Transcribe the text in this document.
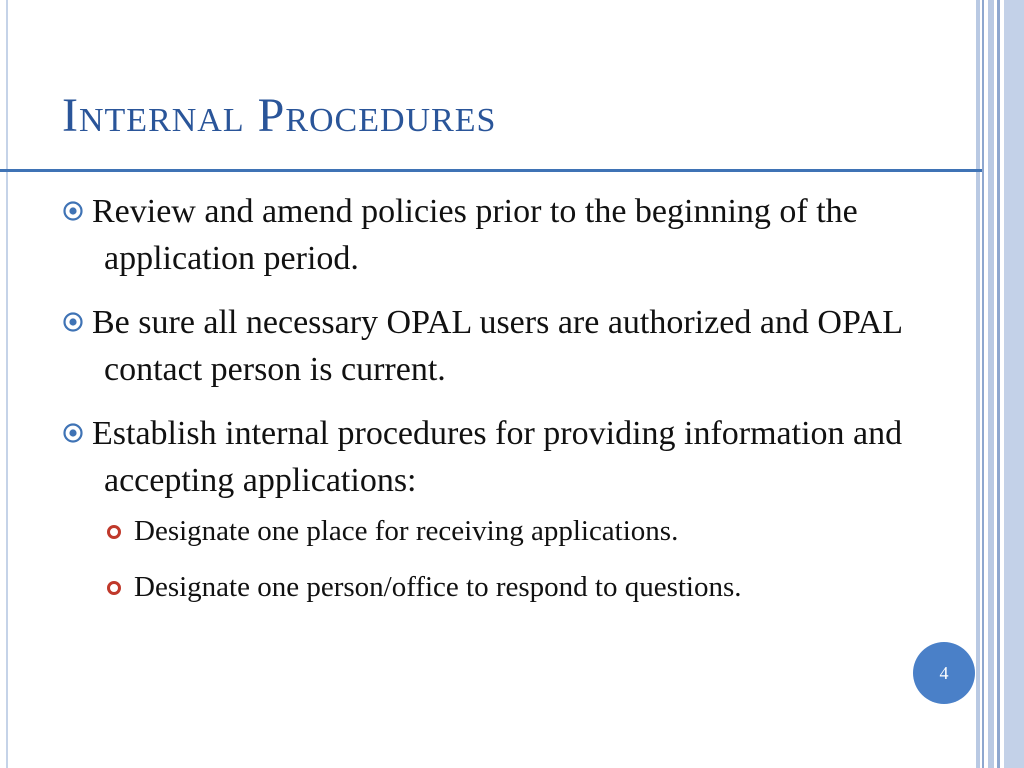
Internal Procedures
Review and amend policies prior to the beginning of the application period.
Be sure all necessary OPAL users are authorized and OPAL contact person is current.
Establish internal procedures for providing information and accepting applications:
Designate one place for receiving applications.
Designate one person/office to respond to questions.
4
